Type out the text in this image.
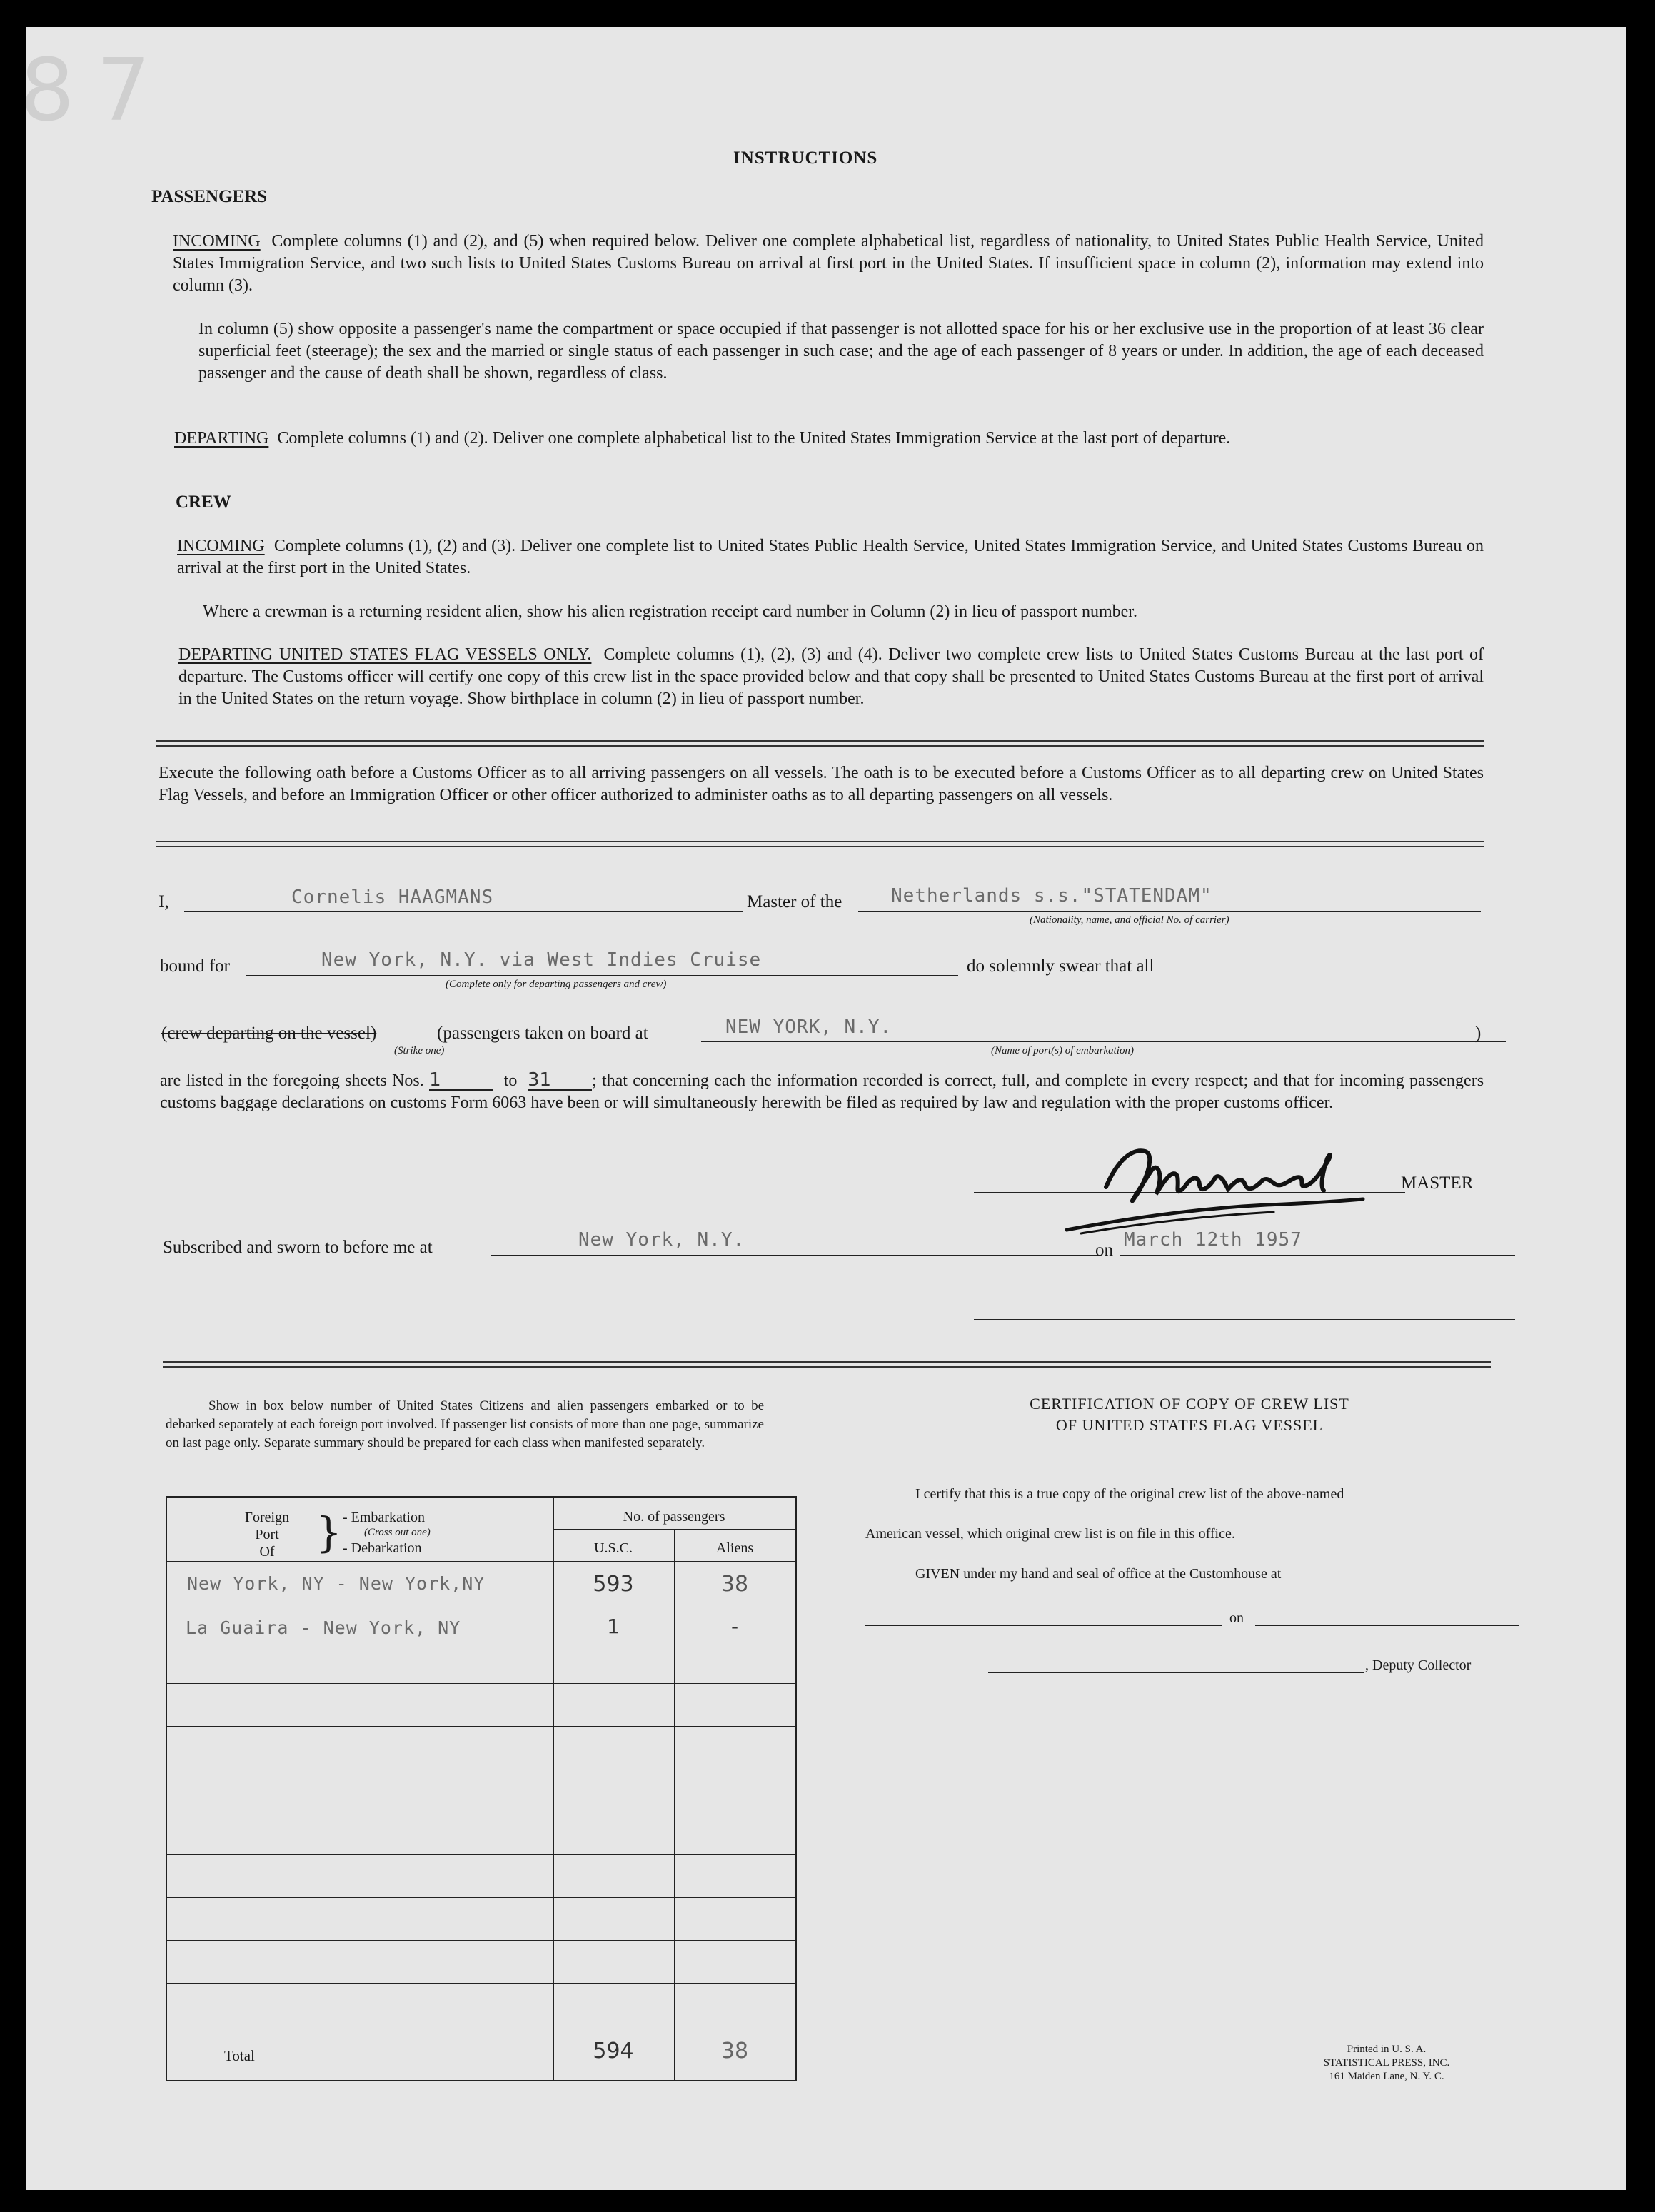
87
INSTRUCTIONS
PASSENGERS
INCOMING Complete columns (1) and (2), and (5) when required below. Deliver one complete alphabetical list, regardless of nationality, to United States Public Health Service, United States Immigration Service, and two such lists to United States Customs Bureau on arrival at first port in the United States. If insufficient space in column (2), information may extend into column (3).
In column (5) show opposite a passenger's name the compartment or space occupied if that passenger is not allotted space for his or her exclusive use in the proportion of at least 36 clear superficial feet (steerage); the sex and the married or single status of each passenger in such case; and the age of each passenger of 8 years or under. In addition, the age of each deceased passenger and the cause of death shall be shown, regardless of class.
DEPARTING Complete columns (1) and (2). Deliver one complete alphabetical list to the United States Immigration Service at the last port of departure.
CREW
INCOMING Complete columns (1), (2) and (3). Deliver one complete list to United States Public Health Service, United States Immigration Service, and United States Customs Bureau on arrival at the first port in the United States.
Where a crewman is a returning resident alien, show his alien registration receipt card number in Column (2) in lieu of passport number.
DEPARTING UNITED STATES FLAG VESSELS ONLY. Complete columns (1), (2), (3) and (4). Deliver two complete crew lists to United States Customs Bureau at the last port of departure. The Customs officer will certify one copy of this crew list in the space provided below and that copy shall be presented to United States Customs Bureau at the first port of arrival in the United States on the return voyage. Show birthplace in column (2) in lieu of passport number.
Execute the following oath before a Customs Officer as to all arriving passengers on all vessels. The oath is to be executed before a Customs Officer as to all departing crew on United States Flag Vessels, and before an Immigration Officer or other officer authorized to administer oaths as to all departing passengers on all vessels.
I,	Cornelis HAAGMANS	Master of the	Netherlands s.s."STATENDAM"
(Nationality, name, and official No. of carrier)
bound for	New York, N.Y. via West Indies Cruise
(Complete only for departing passengers and crew)
do solemnly swear that all
(crew departing on the vessel)
(Strike one)
(passengers taken on board at	NEW YORK, N.Y.
(Name of port(s) of embarkation)
)
are listed in the foregoing sheets Nos. 1	to 31 ; that concerning each the information recorded is correct, full, and complete in every respect; and that for incoming passengers customs baggage declarations on customs Form 6063 have been or will simultaneously herewith be filed as required by law and regulation with the proper customs officer.
MASTER
Subscribed and sworn to before me at	New York, N.Y.	on March 12th 1957
Show in box below number of United States Citizens and alien passengers embarked or to be debarked separately at each foreign port involved. If passenger list consists of more than one page, summarize on last page only. Separate summary should be prepared for each class when manifested separately.
Foreign
Port
Of } - Embarkation
(Cross out one)
- Debarkation
No. of passengers
U.S.C.	Aliens
New York, NY - New York,NY	593	38
La Guaira - New York, NY	1	-
Total	594	38
CERTIFICATION OF COPY OF CREW LIST
OF UNITED STATES FLAG VESSEL
I certify that this is a true copy of the original crew list of the above-named
American vessel, which original crew list is on file in this office.
GIVEN under my hand and seal of office at the Customhouse at
on
, Deputy Collector
Printed in U. S. A.
STATISTICAL PRESS, INC.
161 Maiden Lane, N. Y. C.
